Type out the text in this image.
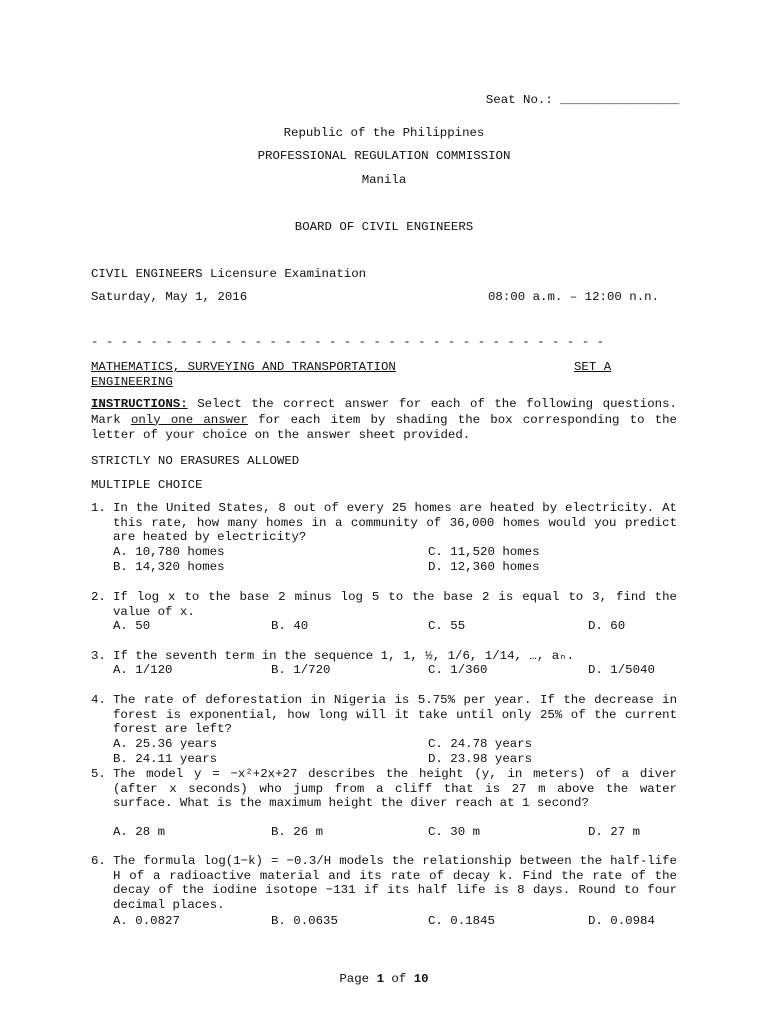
Seat No.: ________________

Republic of the Philippines
PROFESSIONAL REGULATION COMMISSION
Manila
BOARD OF CIVIL ENGINEERS
CIVIL ENGINEERS Licensure Examination
Saturday, May 1, 2016	08:00 a.m. – 12:00 n.n.
- - - - - - - - - - - - - - - - - - - - - - - - - - - - - - - - - - -
MATHEMATICS, SURVEYING AND TRANSPORTATION
ENGINEERING
SET A
INSTRUCTIONS: Select the correct answer for each of the following questions. Mark only one answer for each item by shading the box corresponding to the letter of your choice on the answer sheet provided.
STRICTLY NO ERASURES ALLOWED
MULTIPLE CHOICE
1. In the United States, 8 out of every 25 homes are heated by electricity. At this rate, how many homes in a community of 36,000 homes would you predict are heated by electricity?
A. 10,780 homes
B. 14,320 homes
C. 11,520 homes
D. 12,360 homes
2. If log x to the base 2 minus log 5 to the base 2 is equal to 3, find the value of x.
A. 50	B. 40	C. 55	D. 60
3. If the seventh term in the sequence 1, 1, ½, 1/6, 1/14, …, aₙ.
A. 1/120	B. 1/720	C. 1/360	D. 1/5040
4. The rate of deforestation in Nigeria is 5.75% per year. If the decrease in forest is exponential, how long will it take until only 25% of the current forest are left?
A. 25.36 years
B. 24.11 years
C. 24.78 years
D. 23.98 years
5. The model y = −x²+2x+27 describes the height (y, in meters) of a diver (after x seconds) who jump from a cliff that is 27 m above the water surface. What is the maximum height the diver reach at 1 second?
A. 28 m	B. 26 m	C. 30 m	D. 27 m
6. The formula log(1−k) = −0.3/H models the relationship between the half-life H of a radioactive material and its rate of decay k. Find the rate of the decay of the iodine isotope −131 if its half life is 8 days. Round to four decimal places.
A. 0.0827	B. 0.0635	C. 0.1845	D. 0.0984
Page 1 of 10
